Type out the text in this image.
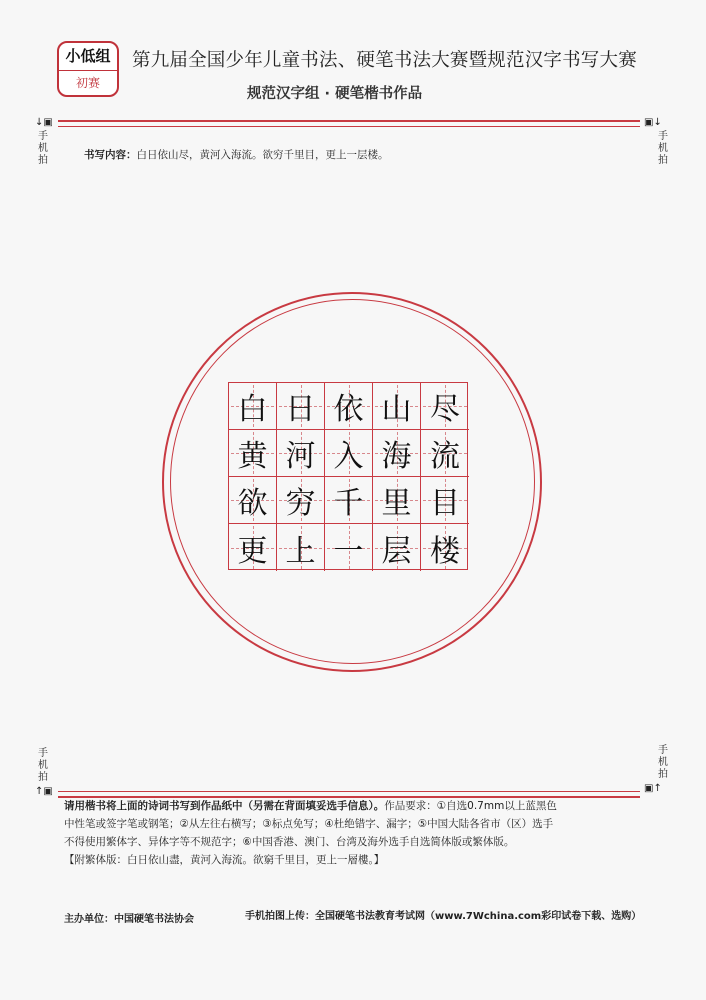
小低组
初赛
第九届全国少年儿童书法、硬笔书法大赛暨规范汉字书写大赛
规范汉字组 · 硬笔楷书作品
↓▣	▣↓
手
机
拍
手
机
拍
书写内容：白日依山尽，黄河入海流。欲穷千里目，更上一层楼。
白 日 依 山 尽
黄 河 入 海 流
欲 穷 千 里 目
更 上 一 层 楼
手
机
拍
手
机
拍
↑▣	▣↑
请用楷书将上面的诗词书写到作品纸中（另需在背面填妥选手信息）。作品要求：①自选0.7mm以上蓝黑色
中性笔或签字笔或钢笔；②从左往右横写；③标点免写；④杜绝错字、漏字；⑤中国大陆各省市（区）选手
不得使用繁体字、异体字等不规范字；⑥中国香港、澳门、台湾及海外选手自选简体版或繁体版。
【附繁体版：白日依山盡，黄河入海流。欲窮千里目，更上一層樓。】
主办单位：中国硬笔书法协会	手机拍图上传：全国硬笔书法教育考试网（www.7Wchina.com彩印试卷下载、选购）
